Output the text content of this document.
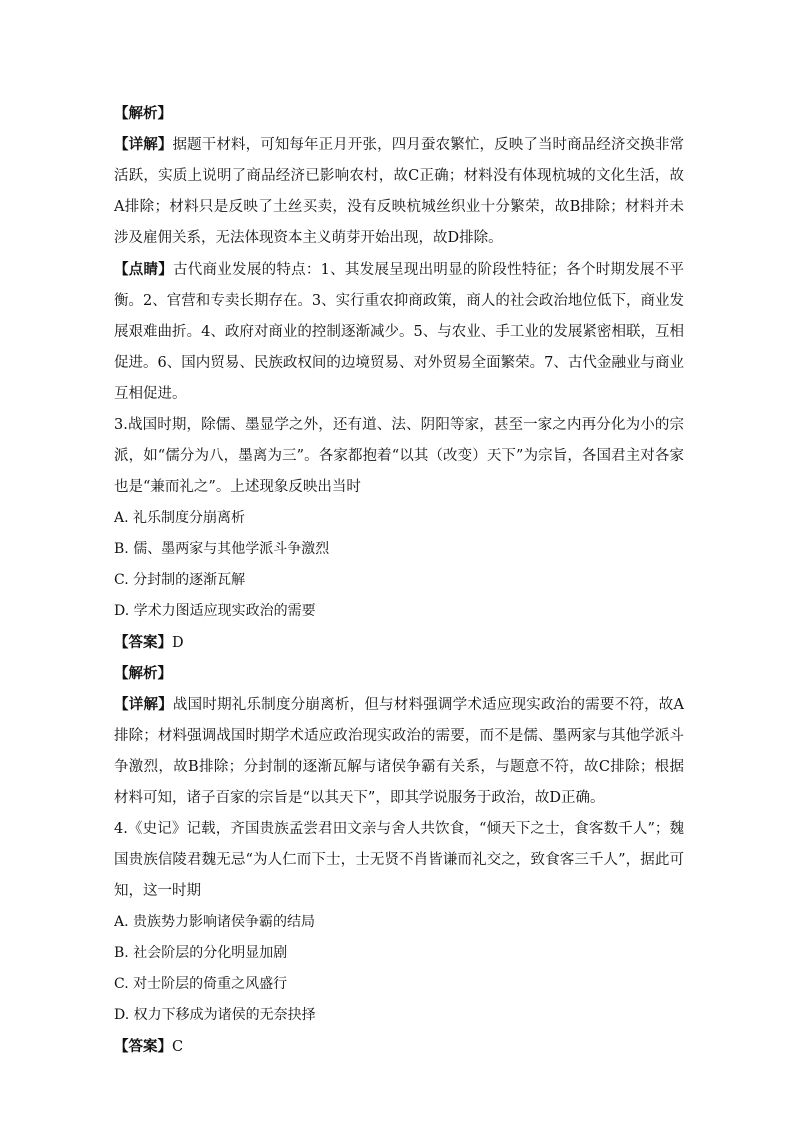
【解析】

【详解】据题干材料，可知每年正月开张，四月蚕农繁忙，反映了当时商品经济交换非常活跃，实质上说明了商品经济已影响农村，故C正确；材料没有体现杭城的文化生活，故A排除；材料只是反映了土丝买卖，没有反映杭城丝织业十分繁荣，故B排除；材料并未涉及雇佣关系，无法体现资本主义萌芽开始出现，故D排除。

【点睛】古代商业发展的特点：1、其发展呈现出明显的阶段性特征；各个时期发展不平衡。2、官营和专卖长期存在。3、实行重农抑商政策，商人的社会政治地位低下，商业发展艰难曲折。4、政府对商业的控制逐渐减少。5、与农业、手工业的发展紧密相联，互相促进。6、国内贸易、民族政权间的边境贸易、对外贸易全面繁荣。7、古代金融业与商业互相促进。

3.战国时期，除儒、墨显学之外，还有道、法、阴阳等家，甚至一家之内再分化为小的宗派，如“儒分为八，墨离为三”。各家都抱着“以其（改变）天下”为宗旨，各国君主对各家也是“兼而礼之”。上述现象反映出当时

A. 礼乐制度分崩离析
B. 儒、墨两家与其他学派斗争激烈
C. 分封制的逐渐瓦解
D. 学术力图适应现实政治的需要
【答案】D
【解析】

【详解】战国时期礼乐制度分崩离析，但与材料强调学术适应现实政治的需要不符，故A排除；材料强调战国时期学术适应政治现实政治的需要，而不是儒、墨两家与其他学派斗争激烈，故B排除；分封制的逐渐瓦解与诸侯争霸有关系，与题意不符，故C排除；根据材料可知，诸子百家的宗旨是“以其天下”，即其学说服务于政治，故D正确。

4.《史记》记载，齐国贵族孟尝君田文亲与舍人共饮食，“倾天下之士，食客数千人”；魏国贵族信陵君魏无忌“为人仁而下士，士无贤不肖皆谦而礼交之，致食客三千人”，据此可知，这一时期

A. 贵族势力影响诸侯争霸的结局
B. 社会阶层的分化明显加剧
C. 对士阶层的倚重之风盛行
D. 权力下移成为诸侯的无奈抉择
【答案】C
